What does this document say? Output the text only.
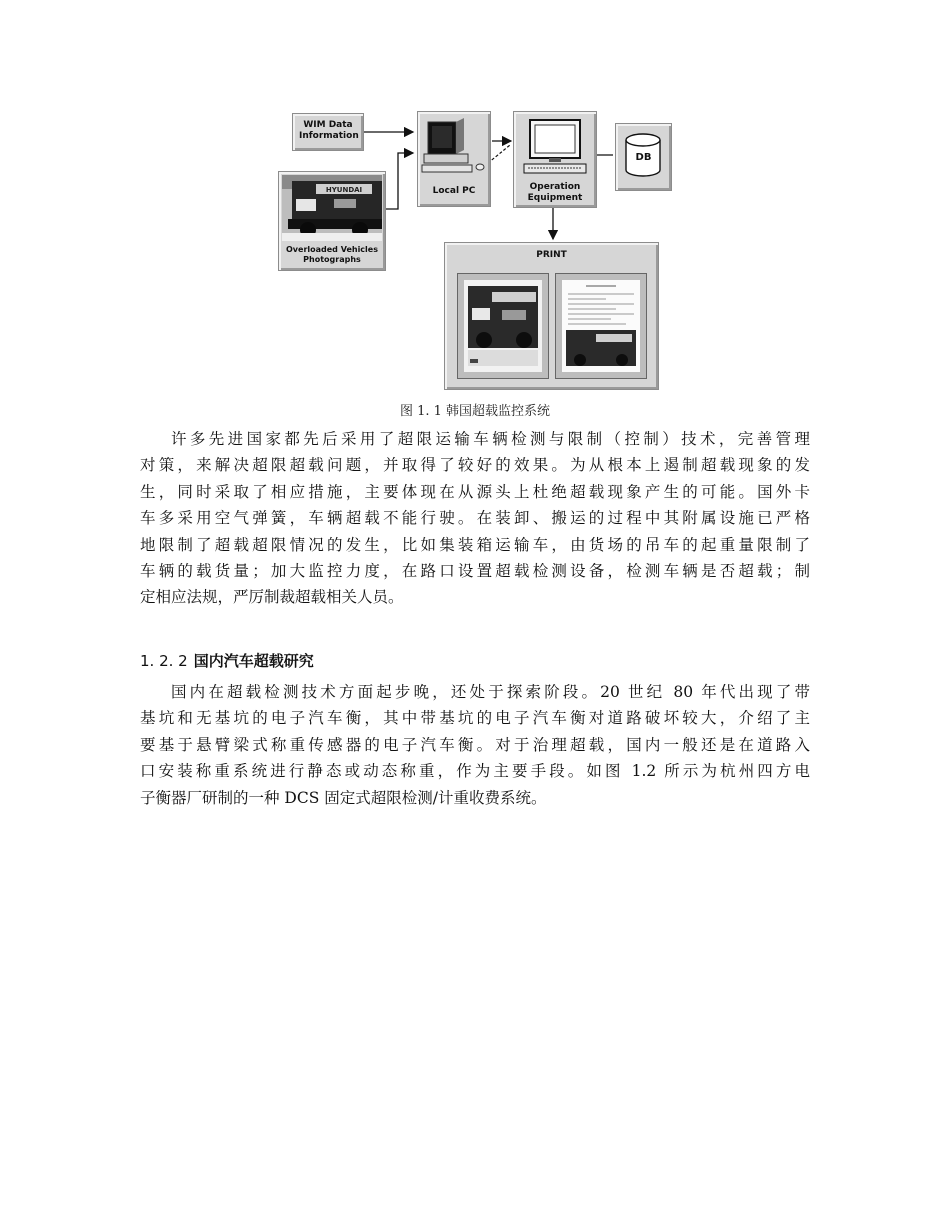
WIM Data Information
HYUNDAI
Overloaded Vehicles Photographs
Local PC	Operation Equipment
DB
PRINT
图 1. 1 韩国超载监控系统
许多先进国家都先后采用了超限运输车辆检测与限制（控制）技术，完善管理
对策，来解决超限超载问题，并取得了较好的效果。为从根本上遏制超载现象的发
生，同时采取了相应措施，主要体现在从源头上杜绝超载现象产生的可能。国外卡
车多采用空气弹簧，车辆超载不能行驶。在装卸、搬运的过程中其附属设施已严格
地限制了超载超限情况的发生，比如集装箱运输车，由货场的吊车的起重量限制了
车辆的载货量；加大监控力度，在路口设置超载检测设备，检测车辆是否超载；制
定相应法规，严厉制裁超载相关人员。
1. 2. 2 国内汽车超载研究
国内在超载检测技术方面起步晚，还处于探索阶段。20 世纪 80 年代出现了带
基坑和无基坑的电子汽车衡，其中带基坑的电子汽车衡对道路破坏较大，介绍了主
要基于悬臂梁式称重传感器的电子汽车衡。对于治理超载，国内一般还是在道路入
口安装称重系统进行静态或动态称重，作为主要手段。如图 1.2 所示为杭州四方电
子衡器厂研制的一种 DCS 固定式超限检测/计重收费系统。
